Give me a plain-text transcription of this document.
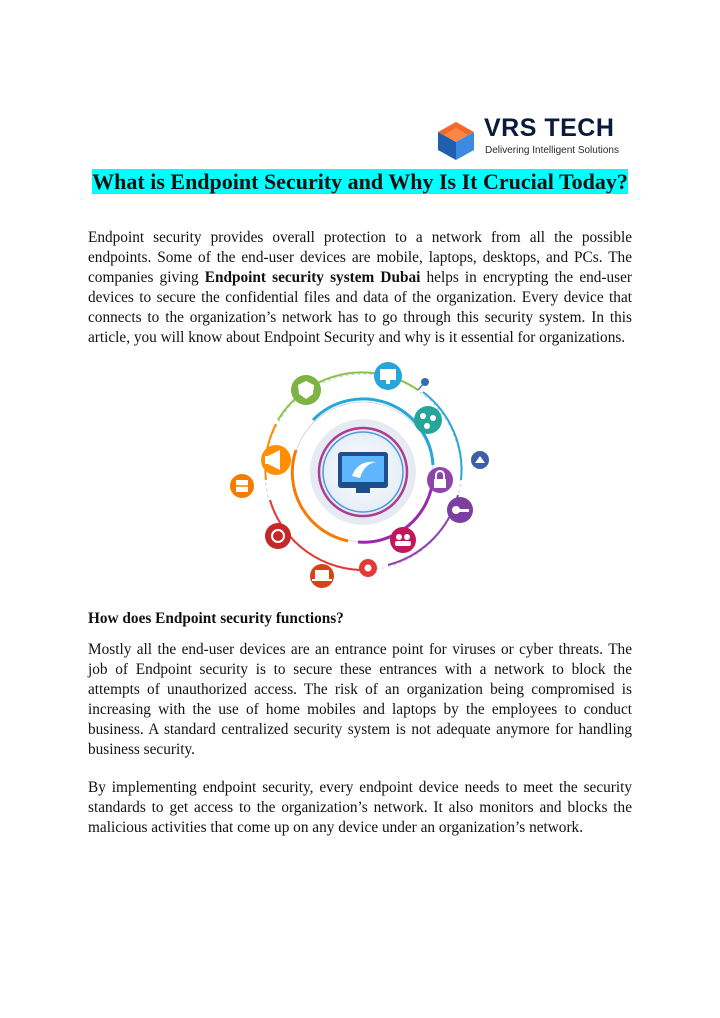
VRS TECH
Delivering Intelligent Solutions
What is Endpoint Security and Why Is It Crucial Today?

Endpoint security provides overall protection to a network from all the possible endpoints. Some of the end-user devices are mobile, laptops, desktops, and PCs. The companies giving Endpoint security system Dubai helps in encrypting the end-user devices to secure the confidential files and data of the organization. Every device that connects to the organization’s network has to go through this security system. In this article, you will know about Endpoint Security and why is it essential for organizations.

How does Endpoint security functions?

Mostly all the end-user devices are an entrance point for viruses or cyber threats. The job of Endpoint security is to secure these entrances with a network to block the attempts of unauthorized access. The risk of an organization being compromised is increasing with the use of home mobiles and laptops by the employees to conduct business. A standard centralized security system is not adequate anymore for handling business security.

By implementing endpoint security, every endpoint device needs to meet the security standards to get access to the organization’s network. It also monitors and blocks the malicious activities that come up on any device under an organization’s network.
